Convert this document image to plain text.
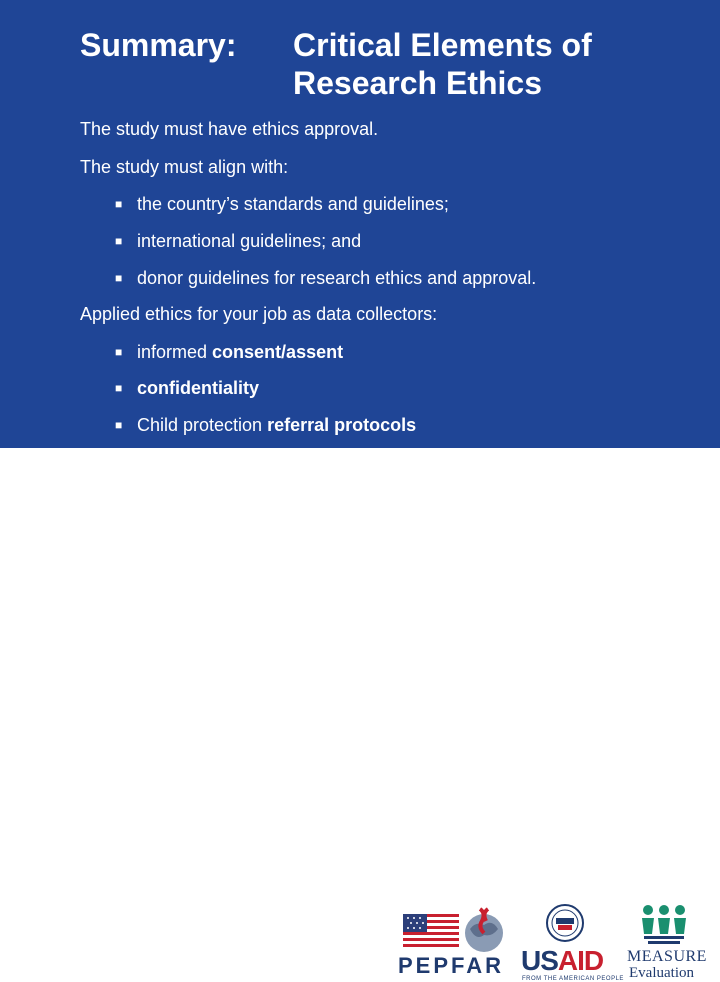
Summary: Critical Elements of
Research Ethics
The study must have ethics approval.
The study must align with:
■ the country’s standards and guidelines;
■ international guidelines; and
■ donor guidelines for research ethics and approval.
Applied ethics for your job as data collectors:
■ informed consent/assent
■ confidentiality
■ Child protection referral protocols
PEPFAR USAID
FROM THE AMERICAN PEOPLE
MEASURE
Evaluation
